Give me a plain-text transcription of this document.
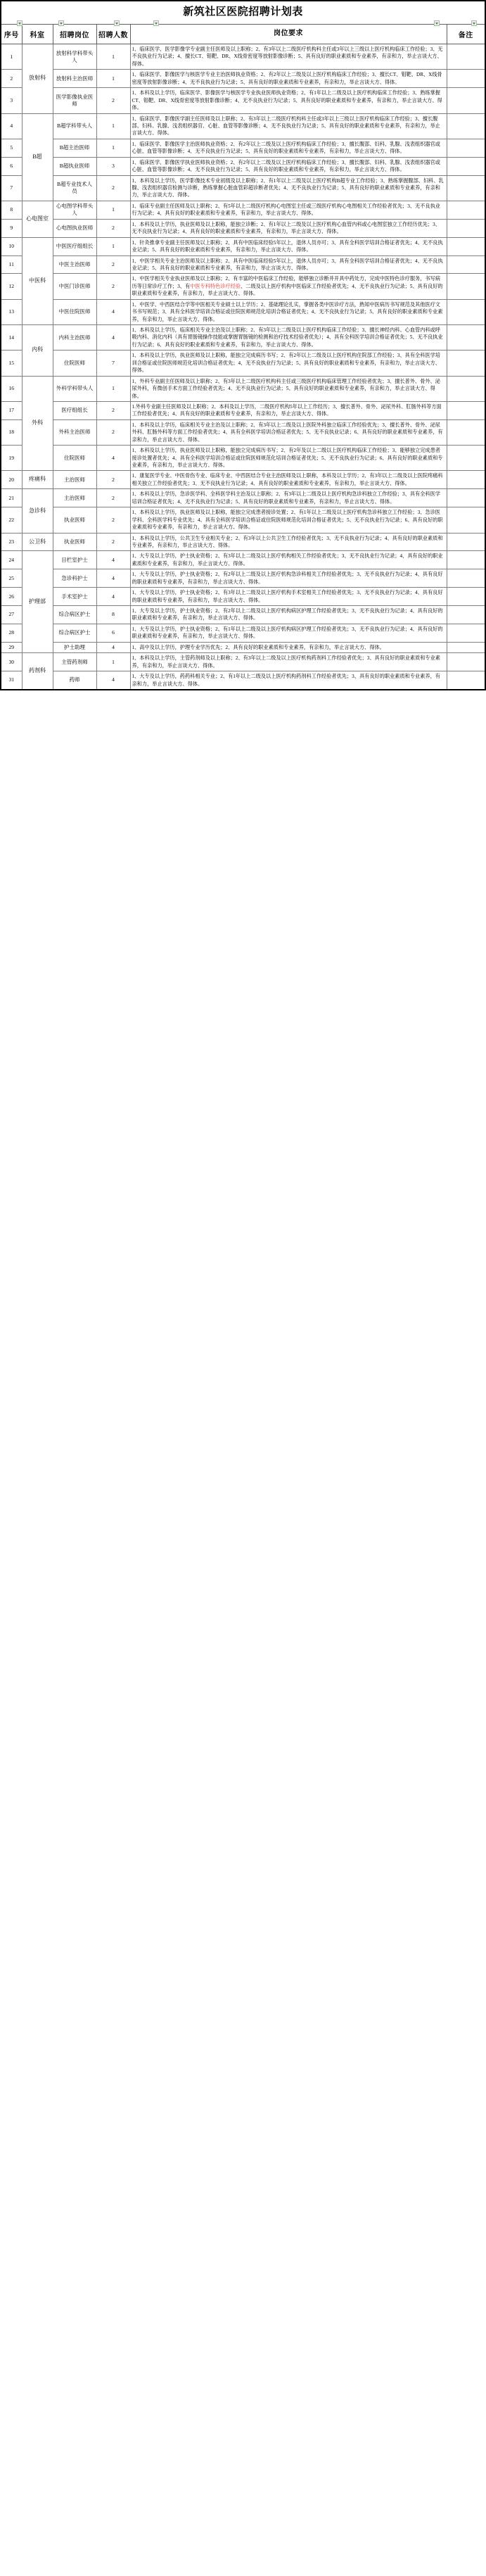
新筑社区医院招聘计划表
序号	科室	招聘岗位	招聘人数	岗位要求	备注
1	放射科	放射科学科带头人	1	1、临床医学、医学影像学专业副主任医师及以上职称；2、有3年以上二级医疗机构科主任或3年以上三级以上医疗机构临床工作经验；3、无不良执业行为记录；4、擅长CT、钼靶、DR、X线骨密度等放射影像诊断；5、具有良好的职业素质和专业素养，有亲和力，举止言谈大方、得体。	
2		放射科主治医师	1	1、临床医学、影像医学与核医学专业主治医师执业资格；2、有2年以上二级及以上医疗机构临床工作经验；3、擅长CT、钼靶、DR、X线骨密度等放射影像诊断；4、无不良执业行为记录；5、具有良好的职业素质和专业素养，有亲和力，举止言谈大方、得体。	
3		医学影像执业医师	2	1、本科及以上学历，临床医学、影像医学与核医学专业执业医师执业资格；2、有1年以上二级及以上医疗机构临床工作经验；3、熟练掌握CT、钼靶、DR、X线骨密度等放射影像诊断；4、无不良执业行为记录；5、具有良好的职业素质和专业素养，有亲和力，举止言谈大方、得体。	
4	B超	B超学科带头人	1	1、临床医学、影像医学副主任医师及以上职称；2、有3年以上二级医疗机构科主任或3年以上三级以上医疗机构临床工作经验；3、擅长腹部、妇科、乳腺、浅表组织器官、心脏、血管等影像诊断；4、无不良执业行为记录；5、具有良好的职业素质和专业素养，有亲和力，举止言谈大方、得体。	
5		B超主治医师	1	1、临床医学、影像医学主治医师执业资格；2、有2年以上二级及以上医疗机构临床工作经验；3、擅长腹部、妇科、乳腺、浅表组织器官或心脏、血管等影像诊断；4、无不良执业行为记录；5、具有良好的职业素质和专业素养，有亲和力，举止言谈大方、得体。	
6		B超执业医师	3	1、临床医学、影像医学执业医师执业资格；2、有2年以上二级及以上医疗机构临床工作经验；3、擅长腹部、妇科、乳腺、浅表组织器官或心脏、血管等影像诊断；4、无不良执业行为记录；5、具有良好的职业素质和专业素养，有亲和力，举止言谈大方、得体。	
7		B超专业技术人员	2	1、本科及以上学历，医学影像技术专业初级及以上职称；2、有1年以上二级及以上医疗机构B超专业工作经验；3、熟练掌握腹部、妇科、乳腺、浅表组织器官检测与诊断，熟练掌握心脏血管彩超诊断者优先；4、无不良执业行为记录；5、具有良好的职业素质和专业素养，有亲和力，举止言谈大方、得体。	
8	心电图室	心电图学科带头人	1	1、临床专业副主任医师及以上职称；2、有5年以上二级医疗机构心电图室主任或三级医疗机构心电图相关工作经验者优先；3、无不良执业行为记录；4、具有良好的职业素质和专业素养，有亲和力，举止言谈大方、得体。	
9		心电图执业医师	2	1、本科及以上学历，执业医师及以上职称，能独立诊断；2、有1年以上二级及以上医疗机构心血管内科或心电图室独立工作经历优先；3、无不良执业行为记录；4、具有良好的职业素质和专业素养，有亲和力，举止言谈大方、得体。	
10	中医科	中医医疗组组长	1	1、针灸推拿专业副主任医师及以上职称；2、具有中医临床经验5年以上，退休人员亦可；3、具有全科医学培训合格证者优先；4、无不良执业记录；5、具有良好的职业素质和专业素养，有亲和力，举止言谈大方、得体。	
11		中医主治医师	2	1、中医学相关专业主治医师及以上职称；2、具有中医临床经验5年以上，退休人员亦可；3、具有全科医学培训合格证者优先；4、无不良执业记录；5、具有良好的职业素质和专业素养，有亲和力，举止言谈大方、得体。	
12		中医门诊医师	2	1、中医学相关专业执业医师及以上职称；2、有丰富的中医临床工作经验，能够独立诊断并开具中药处方，完成中医特色诊疗服务，书写病历等日常诊疗工作；3、有中医专科特色诊疗经验、二级及以上医疗机构中医临床工作经验者优先；4、无不良执业行为记录；5、具有良好的职业素质和专业素养，有亲和力，举止言谈大方、得体。	
13		中医住院医师	4	1、中医学、中西医结合学等中医相关专业硕士以上学历；2、基础理论扎实，掌握各类中医诊疗方法，熟知中医病历书写规范及其他医疗文书书写规范；3、具有全科医学培训合格证或住院医师规范化培训合格证者优先；4、无不良执业行为记录；5、具有良好的职业素质和专业素养，有亲和力，举止言谈大方、得体。	
14	内科	内科主治医师	4	1、本科及以上学历，临床相关专业主治及以上职称；2、有3年以上二级及以上医疗机构临床工作经验；3、擅长神经内科、心血管内科或呼吸内科、消化内科（具有胃肠镜操作技能或掌握胃肠镜的检测和治疗技术经验者优先）；4、具有全科医学培训合格证者优先；5、无不良执业行为记录；6、具有良好的职业素质和专业素养，有亲和力，举止言谈大方、得体。	
15		住院医师	7	1、本科及以上学历，执业医师及以上职称，能独立完成病历书写；2、有2年以上二级及以上医疗机构住院部工作经验；3、具有全科医学培训合格证或住院医师规范化培训合格证者优先；4、无不良执业行为记录；5、具有良好的职业素质和专业素养，有亲和力，举止言谈大方、得体。	
16	外科	外科学科带头人	1	1、外科专业副主任医师及以上职称；2、有3年以上二级医疗机构科主任或三级医疗机构临床管理工作经验者优先；3、擅长普外、骨外、泌尿外科，有微创手术方面工作经验者优先；4、无不良执业行为记录；5、具有良好的职业素质和专业素养，有亲和力，举止言谈大方、得体。	
17		医疗组组长	2	1.外科专业副主任医师及以上职称；2、本科及以上学历，二级医疗机构5年以上工作经历；3、擅长普外、骨外、泌尿外科、肛肠外科等方面工作经验者优先；4、具有良好的职业素质和专业素养，有亲和力，举止言谈大方、得体。	
18		外科主治医师	2	1、本科及以上学历，临床相关专业主治及以上职称；2、有3年以上二级及以上医院外科独立临床工作经验优先；3、擅长普外、骨外、泌尿外科、肛肠外科等方面工作经验者优先；4、具有全科医学培训合格证者优先；5、无不良执业记录；6、具有良好的职业素质和专业素养，有亲和力，举止言谈大方、得体。	
19		住院医师	4	1、本科及以上学历，执业医师及以上职称，能独立完成病历书写；2、有2年及以上二级以上医疗机构临床工作经验；3、能够独立完成患者接诊处置者优先；4、具有全科医学培训合格证或住院医师规范化培训合格证者优先；5、无不良执业行为记录；6、具有良好的职业素质和专业素养，有亲和力，举止言谈大方、得体。	
20	疼痛科	主治医师	2	1、康复医学专业、中医骨伤专业、临床专业、中西医结合专业主治医师及以上职称，本科及以上学历；2、有3年以上二级及以上医院疼痛科相关独立工作经验者优先；3、无不良执业行为记录；4、具有良好的职业素质和专业素养，有亲和力，举止言谈大方、得体。	
21	急诊科	主治医师	2	1、本科及以上学历，急诊医学科、全科医学科主治及以上职称；2、有3年以上二级及以上医疗机构急诊科独立工作经验；3、具有全科医学培训合格证者优先；4、无不良执业行为记录；5、具有良好的职业素质和专业素养，有亲和力，举止言谈大方、得体。	
22		执业医师	2	1、本科及以上学历，执业医师及以上职称，能独立完成患者接诊处置；2、有1年以上二级及以上医疗机构急诊科独立工作经验；3、急诊医学科、全科医学科专业优先；4、具有全科医学培训合格证或住院医师规范化培训合格证者优先；5、无不良执业行为记录；6、具有良好的职业素质和专业素养，有亲和力，举止言谈大方、得体。	
23	公卫科	执业医师	2	1、本科及以上学历，公共卫生专业相关专业；2、有3年以上公共卫生工作经验者优先；3、无不良执业行为记录；4、具有良好的职业素质和专业素养，有亲和力，举止言谈大方、得体。	
24	护理部	目栏室护士	4	1、大专及以上学历，护士执业资格；2、有3年以上二级及以上医疗机构相关工作经验者优先；3、无不良执业行为记录；4、具有良好的职业素质和专业素养，有亲和力，举止言谈大方、得体。	
25		急诊科护士	4	1、大专及以上学历，护士执业资格；2、有2年以上二级及以上医疗机构急诊科相关工作经验者优先；3、无不良执业行为记录；4、具有良好的职业素质和专业素养，有亲和力，举止言谈大方、得体。	
26		手术室护士	4	1、大专及以上学历，护士执业资格；2、有3年以上二级及以上医疗机构手术室相关工作经验者优先；3、无不良执业行为记录；4、具有良好的职业素质和专业素养，有亲和力，举止言谈大方、得体。	
27		综合病区护士	8	1、大专及以上学历，护士执业资格；2、有2年以上二级及以上医疗机构病区护理工作经验者优先；3、无不良执业行为记录；4、具有良好的职业素质和专业素养，有亲和力，举止言谈大方、得体。	
28		综合病区护士	6	1、大专及以上学历，护士执业资格；2、有1年以上二级及以上医疗机构病区护理工作经验者优先；3、无不良执业行为记录；4、具有良好的职业素质和专业素养，有亲和力，举止言谈大方、得体。	
29		护士助理	4	1、高中及以上学历，护理专业学历优先；2、具有良好的职业素质和专业素养，有亲和力，举止言谈大方、得体。	
30	药剂科	主管药剂师	1	1、本科及以上学历，主管药剂师及以上职称；2、有3年以上二级及以上医疗机构药剂科工作经验者优先；3、具有良好的职业素质和专业素养，有亲和力，举止言谈大方、得体。	
31		药师	4	1、大专及以上学历，药药科相关专业；2、有1年以上二级及以上医疗机构药剂科工作经验者优先；3、具有良好的职业素质和专业素养，有亲和力，举止言谈大方、得体。	
